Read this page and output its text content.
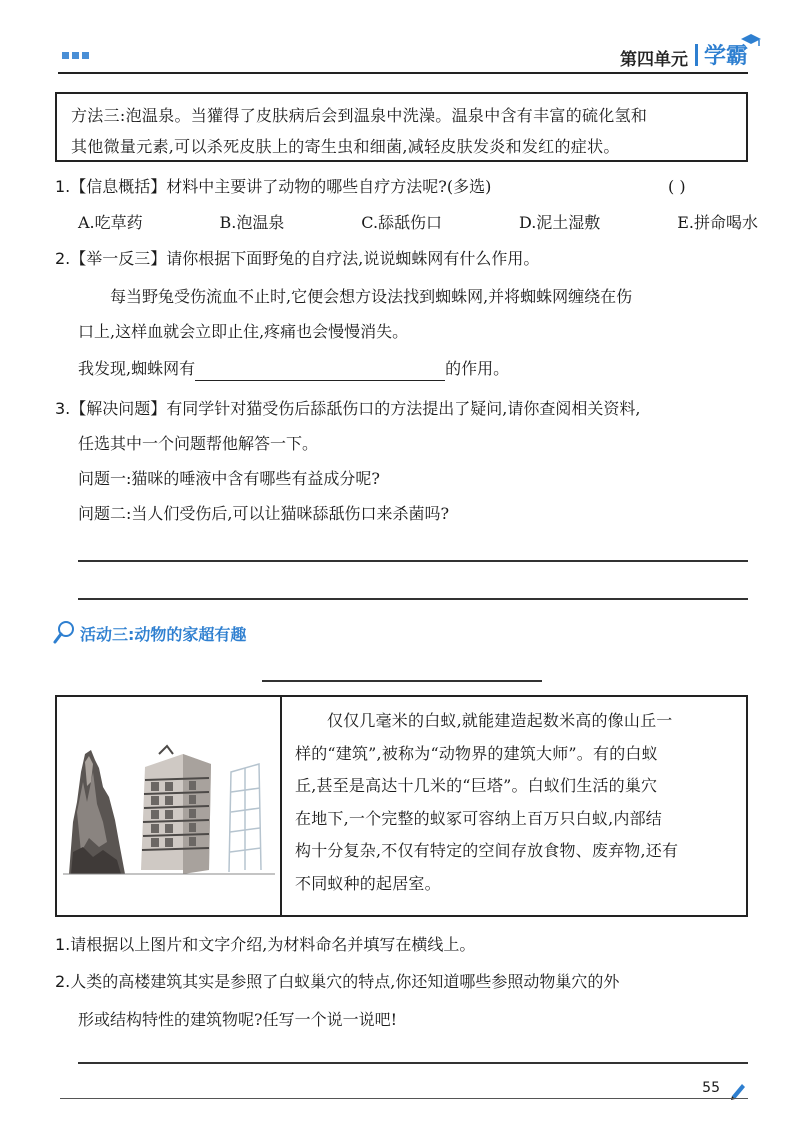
第四单元 学霸
方法三:泡温泉。当獾得了皮肤病后会到温泉中洗澡。温泉中含有丰富的硫化氢和
其他微量元素,可以杀死皮肤上的寄生虫和细菌,减轻皮肤发炎和发红的症状。
1.【信息概括】材料中主要讲了动物的哪些自疗方法呢?(多选)	( )
A.吃草药	B.泡温泉	C.舔舐伤口	D.泥土湿敷	E.拼命喝水
2.【举一反三】请你根据下面野兔的自疗法,说说蜘蛛网有什么作用。
每当野兔受伤流血不止时,它便会想方设法找到蜘蛛网,并将蜘蛛网缠绕在伤
口上,这样血就会立即止住,疼痛也会慢慢消失。
我发现,蜘蛛网有	的作用。
3.【解决问题】有同学针对猫受伤后舔舐伤口的方法提出了疑问,请你查阅相关资料,
任选其中一个问题帮他解答一下。
问题一:猫咪的唾液中含有哪些有益成分呢?
问题二:当人们受伤后,可以让猫咪舔舐伤口来杀菌吗?
活动三:动物的家超有趣
仅仅几毫米的白蚁,就能建造起数米高的像山丘一
样的“建筑”,被称为“动物界的建筑大师”。有的白蚁
丘,甚至是高达十几米的“巨塔”。白蚁们生活的巢穴
在地下,一个完整的蚁冢可容纳上百万只白蚁,内部结
构十分复杂,不仅有特定的空间存放食物、废弃物,还有
不同蚁种的起居室。
1.请根据以上图片和文字介绍,为材料命名并填写在横线上。
2.人类的高楼建筑其实是参照了白蚁巢穴的特点,你还知道哪些参照动物巢穴的外
形或结构特性的建筑物呢?任写一个说一说吧!
55
